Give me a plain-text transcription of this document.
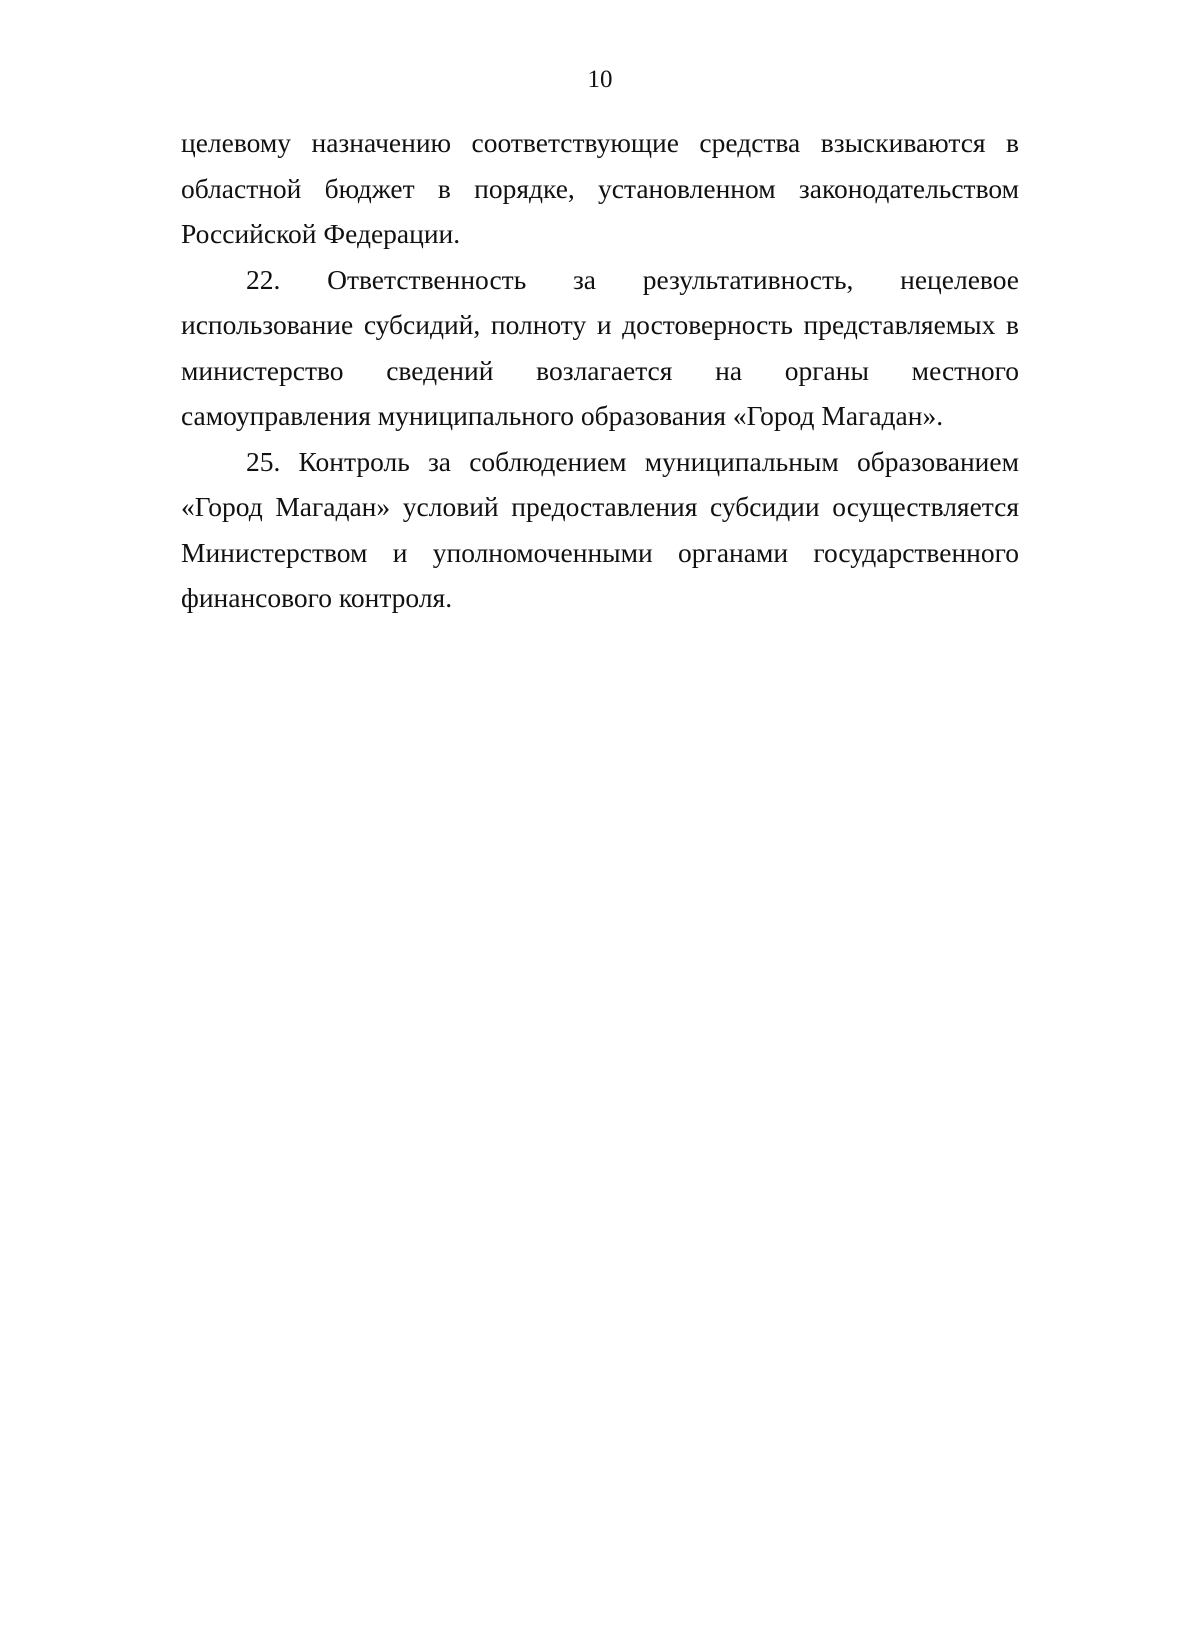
10

целевому назначению соответствующие средства взыскиваются в областной бюджет в порядке, установленном законодательством Российской Федерации.

22. Ответственность за результативность, нецелевое использование субсидий, полноту и достоверность представляемых в министерство сведений возлагается на органы местного самоуправления муниципального образования «Город Магадан».

25. Контроль за соблюдением муниципальным образованием «Город Магадан» условий предоставления субсидии осуществляется Министерством и уполномоченными органами государственного финансового контроля.
